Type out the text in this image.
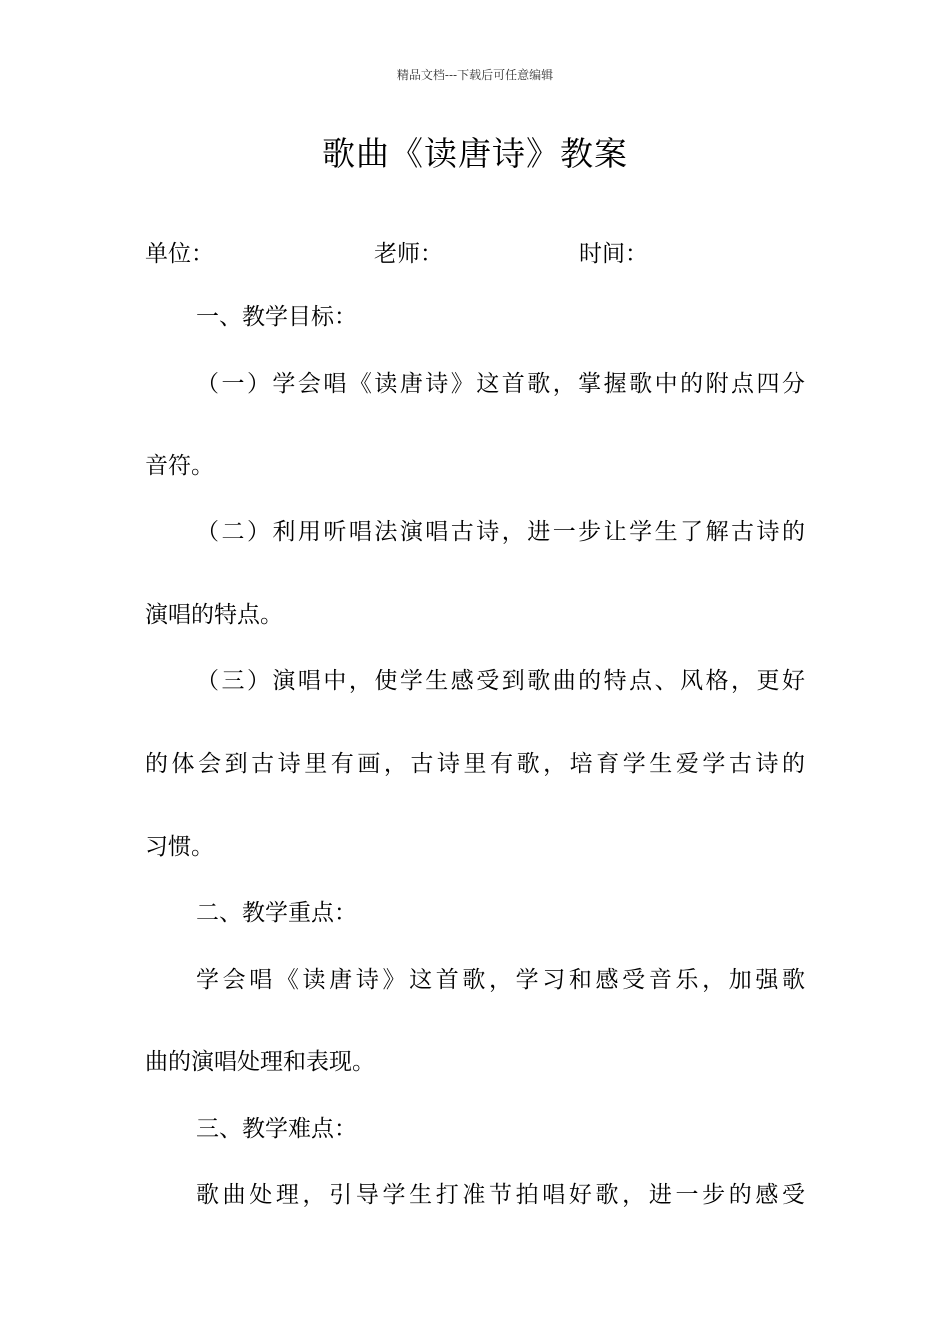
精品文档---下载后可任意编辑
歌曲《读唐诗》教案
单位：	老师：	时间：
一、教学目标：
（一）学会唱《读唐诗》这首歌，掌握歌中的附点四分
音符。
（二）利用听唱法演唱古诗，进一步让学生了解古诗的
演唱的特点。
（三）演唱中，使学生感受到歌曲的特点、风格，更好
的体会到古诗里有画，古诗里有歌，培育学生爱学古诗的
习惯。
二、教学重点：
学会唱《读唐诗》这首歌，学习和感受音乐，加强歌
曲的演唱处理和表现。
三、教学难点：
歌曲处理，引导学生打准节拍唱好歌，进一步的感受
